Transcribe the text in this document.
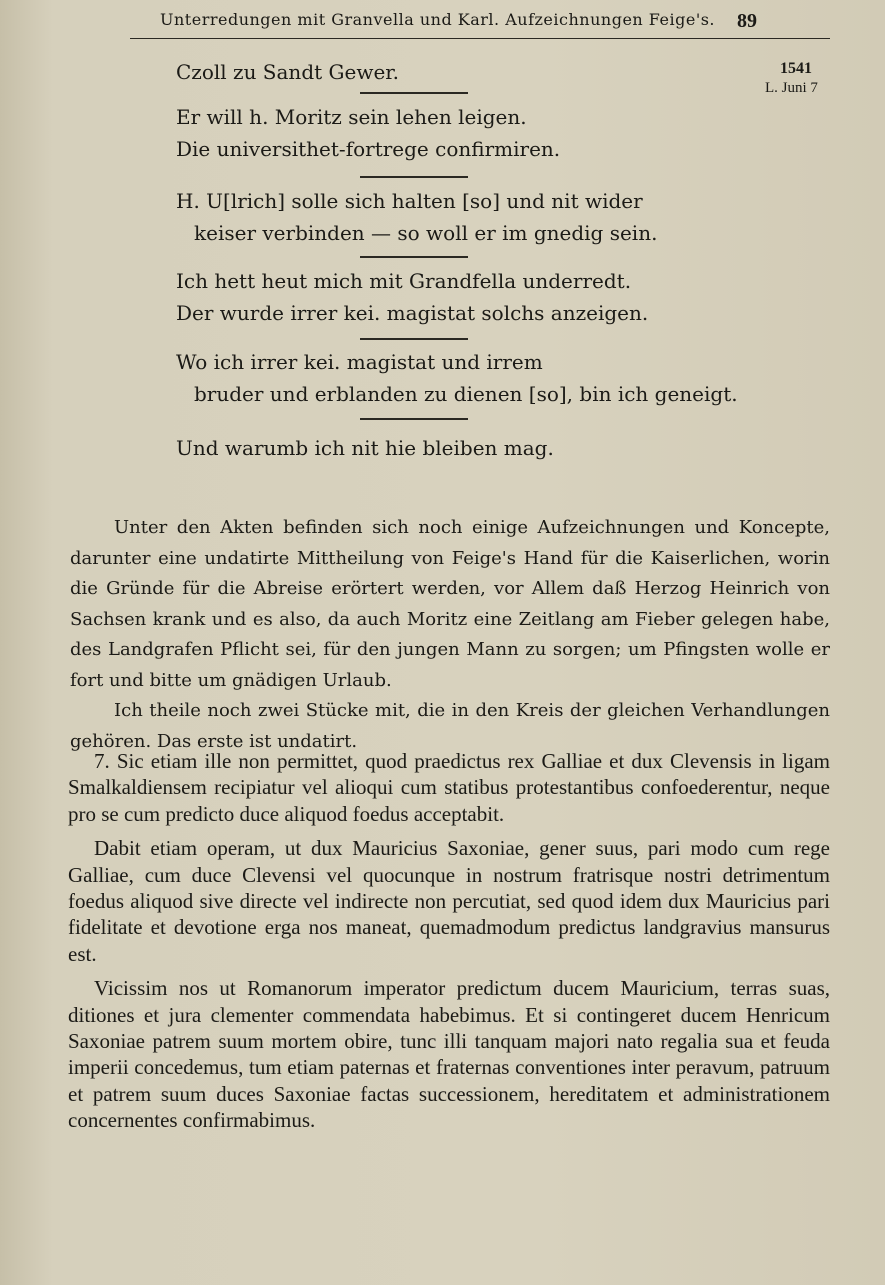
Unterredungen mit Granvella und Karl. Aufzeichnungen Feige's.	89
1541
L. Juni 7
Czoll zu Sandt Gewer.
Er will h. Moritz sein lehen leigen.
Die universithet-fortrege confirmiren.
H. U[lrich] solle sich halten [so] und nit wider
keiser verbinden — so woll er im gnedig sein.
Ich hett heut mich mit Grandfella underredt.
Der wurde irrer kei. magistat solchs anzeigen.
Wo ich irrer kei. magistat und irrem
bruder und erblanden zu dienen [so], bin ich geneigt.
Und warumb ich nit hie bleiben mag.

Unter den Akten befinden sich noch einige Aufzeichnungen und Koncepte, darunter eine undatirte Mittheilung von Feige's Hand für die Kaiserlichen, worin die Gründe für die Abreise erörtert werden, vor Allem daß Herzog Heinrich von Sachsen krank und es also, da auch Moritz eine Zeitlang am Fieber gelegen habe, des Landgrafen Pflicht sei, für den jungen Mann zu sorgen; um Pfingsten wolle er fort und bitte um gnädigen Urlaub.

Ich theile noch zwei Stücke mit, die in den Kreis der gleichen Verhandlungen gehören. Das erste ist undatirt.

7. Sic etiam ille non permittet, quod praedictus rex Galliae et dux Clevensis in ligam Smalkaldiensem recipiatur vel alioqui cum statibus protestantibus confoederentur, neque pro se cum predicto duce aliquod foedus acceptabit.

Dabit etiam operam, ut dux Mauricius Saxoniae, gener suus, pari modo cum rege Galliae, cum duce Clevensi vel quocunque in nostrum fratrisque nostri detrimentum foedus aliquod sive directe vel indirecte non percutiat, sed quod idem dux Mauricius pari fidelitate et devotione erga nos maneat, quemadmodum predictus landgravius mansurus est.

Vicissim nos ut Romanorum imperator predictum ducem Mauricium, terras suas, ditiones et jura clementer commendata habebimus. Et si contingeret ducem Henricum Saxoniae patrem suum mortem obire, tunc illi tanquam majori nato regalia sua et feuda imperii concedemus, tum etiam paternas et fraternas conventiones inter peravum, patruum et patrem suum duces Saxoniae factas successionem, hereditatem et administrationem concernentes confirmabimus.
